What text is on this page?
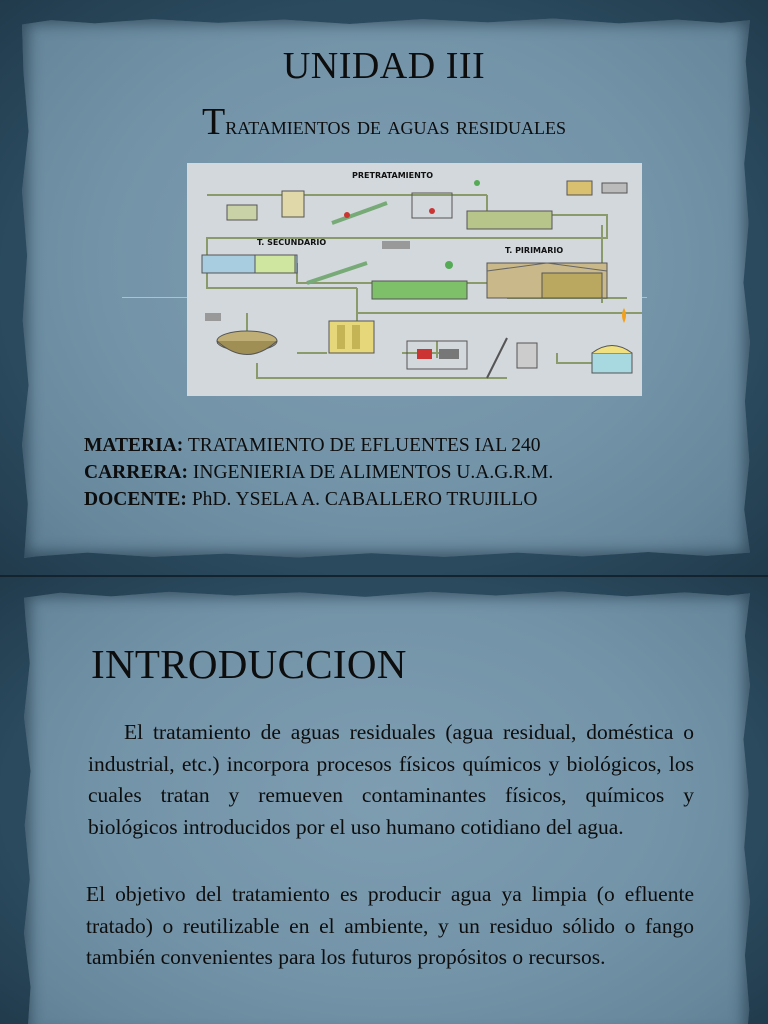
UNIDAD III
Tratamientos de aguas residuales
PRETRATAMIENTO
T. SECUNDARIO
T. PIRIMARIO
MATERIA: TRATAMIENTO DE EFLUENTES IAL 240
CARRERA: INGENIERIA DE ALIMENTOS U.A.G.R.M.
DOCENTE: PhD. YSELA A. CABALLERO TRUJILLO
INTRODUCCION
El tratamiento de aguas residuales (agua residual, doméstica o industrial, etc.) incorpora procesos físicos químicos y biológicos, los cuales tratan y remueven contaminantes físicos, químicos y biológicos introducidos por el uso humano cotidiano del agua.
El objetivo del tratamiento es producir agua ya limpia (o efluente tratado) o reutilizable en el ambiente, y un residuo sólido o fango también convenientes para los futuros propósitos o recursos.
